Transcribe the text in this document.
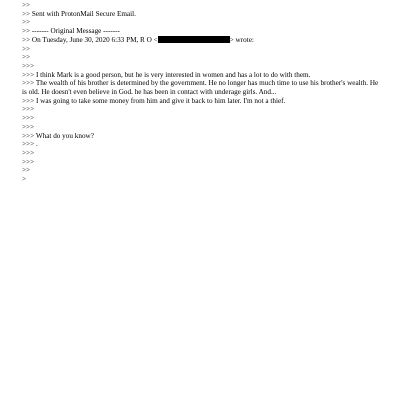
>>
>> Sent with ProtonMail Secure Email.
>>
>> ------- Original Message -------
>> On Tuesday, June 30, 2020 6:33 PM, R O <	> wrote:
>>
>>
>>>
>>> I think Mark is a good person, but he is very interested in women and has a lot to do with them.
>>> The wealth of his brother is determined by the government. He no longer has much time to use his brother's wealth. He is old. He doesn't even believe in God. he has been in contact with underage girls. And...
>>> I was going to take some money from him and give it back to him later. I'm not a thief.
>>>
>>>
>>>
>>> What do you know?
>>> .
>>>
>>>
>>
>
